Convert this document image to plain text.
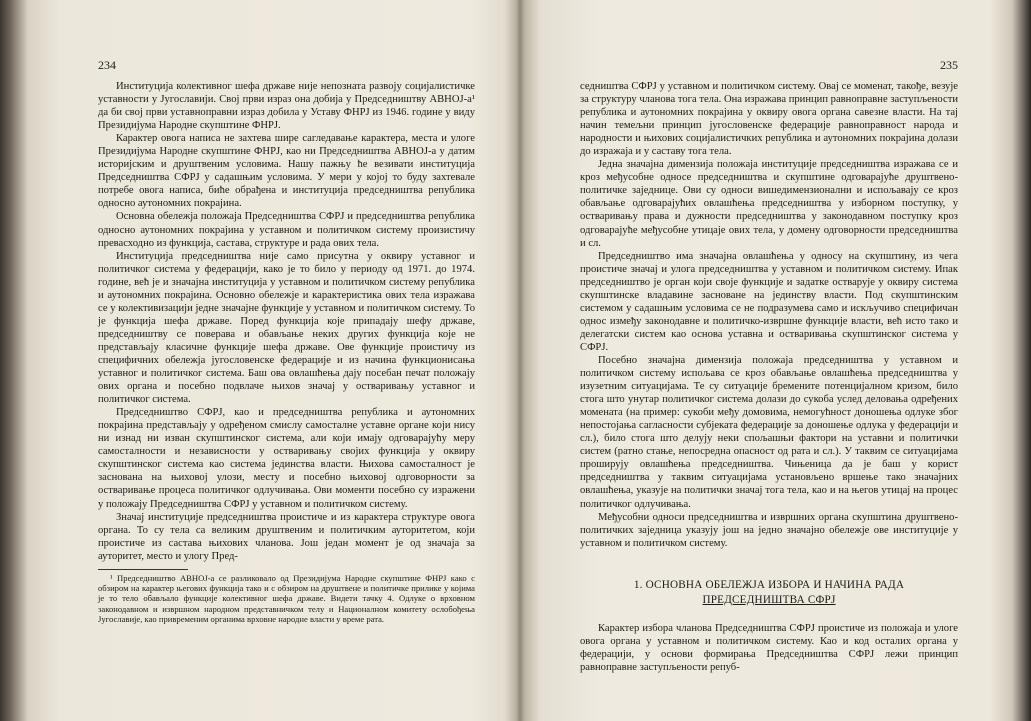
234

Институција колективног шефа државе није непозната развоју социјалистичке уставности у Југославији. Свој први израз она добија у Председништву АВНОЈ-а¹ да би свој први уставноправни израз добила у Уставу ФНРЈ из 1946. године у виду Президијума Народне скупштине ФНРЈ.

Карактер овога написа не захтева шире сагледавање карактера, места и улоге Президијума Народне скупштине ФНРЈ, као ни Председништва АВНОЈ-а у датим историјским и друштвеним условима. Нашу пажњу ће везивати институција Председништва СФРЈ у садашњим условима. У мери у којој то буду захтевале потребе овога написа, биће обрађена и институција председништва република односно аутономних покрајина.

Основна обележја положаја Председништва СФРЈ и председништва република односно аутономних покрајина у уставном и политичком систему произистичу превасходно из функција, састава, структуре и рада ових тела.

Институција председништва није само присутна у оквиру уставног и политичког система у федерацији, како је то било у периоду од 1971. до 1974. године, већ је и значајна институција у уставном и политичком систему република и аутономних покрајина. Основно обележје и карактеристика ових тела изражава се у колективизацији једне значајне функције у уставном и политичком систему. То је функција шефа државе. Поред функција које припадају шефу државе, председништву се поверава и обављање неких других функција које не представљају класичне функције шефа државе. Ове функције проистичу из специфичних обележја југословенске федерације и из начина функционисања уставног и политичког система. Баш ова овлашћења дају посебан печат положају ових органа и посебно подвлаче њихов значај у остваривању уставног и политичког система.

Председништво СФРЈ, као и председништва република и аутономних покрајина представљају у одређеном смислу самосталне уставне органе који нису ни изнад ни изван скупштинског система, али који имају одговарајућу меру самосталности и независности у остваривању својих функција у оквиру скупштинског система као система јединства власти. Њихова самосталност је заснована на њиховој улози, месту и посебно њиховој одговорности за остваривање процеса политичког одлучивања. Ови моменти посебно су изражени у положају Председништва СФРЈ у уставном и политичком систему.

Значај институције председништва проистиче и из карактера структуре овога органа. То су тела са великим друштвеним и политичким ауторитетом, који проистиче из састава њихових чланова. Још један момент је од значаја за ауторитет, место и улогу Пред-

¹ Председништво АВНОЈ-а се разликовало од Президијума Народне скупштине ФНРЈ како с обзиром на карактер његових функција тако и с обзиром на друштвене и политичке прилике у којима је то тело обављало функције колективног шефа државе. Видети тачку 4. Одлуке о врховном законодавном и извршном народном представничком телу и Националном комитету ослобођења Југославије, као привременим органима врховне народне власти у време рата.

235

седништва СФРЈ у уставном и политичком систему. Овај се моменат, такође, везује за структуру чланова тога тела. Она изражава принцип равноправне заступљености република и аутономних покрајина у оквиру овога органа савезне власти. На тај начин темељни принцип југословенске федерације равноправност народа и народности и њихових социјалистичких република и аутономних покрајина долази до изражаја и у саставу тога тела.

Једна значајна димензија положаја институције председништва изражава се и кроз међусобне односе председништва и скупштине одговарајуће друштвено-политичке заједнице. Ови су односи вишедимензионални и испољавају се кроз обављање одговарајућих овлашћења председништва у изборном поступку, у остваривању права и дужности председништва у законодавном поступку кроз одговарајуће међусобне утицаје ових тела, у домену одговорности председништва и сл.

Председништво има значајна овлашћења у односу на скупштину, из чега проистиче значај и улога председништва у уставном и политичком систему. Ипак председништво је орган који своје функције и задатке остварује у оквиру система скупштинске владавине заснованe на јединству власти. Под скупштинским системом у садашњим условима се не подразумева само и искључиво специфичан однос између законодавне и политичко-извршне функције власти, већ исто тако и делегатски систем као основа уставна и остваривања скупштинског система у СФРЈ.

Посебно значајна димензија положаја председништва у уставном и политичком систему испољава се кроз обављање овлашћења председништва у изузетним ситуацијама. Те су ситуације бремените потенцијалном кризом, било стога што унутар политичког система долази до сукоба услед деловања одређених момената (на пример: сукоби међу домовима, немогућност доношења одлуке због непостојања сагласности субјеката федерације за доношење одлука у федерацији и сл.), било стога што делују неки спољашњи фактори на уставни и политички систем (ратно стање, непосредна опасност од рата и сл.). У таквим се ситуацијама проширују овлашћења председништва. Чињеница да је баш у корист председништва у таквим ситуацијама установљено вршење тако значајних овлашћења, указује на политички значај тога тела, као и на његов утицај на процес политичког одлучивања.

Међусобни односи председништва и извршних органа скупштина друштвено-политичких заједница указују још на једно значајно обележје ове институције у уставном и политичком систему.

1. ОСНОВНА ОБЕЛЕЖЈА ИЗБОРА И НАЧИНА РАДА
ПРЕДСЕДНИШТВА СФРЈ

Карактер избора чланова Председништва СФРЈ проистиче из положаја и улоге овога органа у уставном и политичком систему. Као и код осталих органа у федерацији, у основи формирања Председништва СФРЈ лежи принцип равноправне заступљености репуб-
